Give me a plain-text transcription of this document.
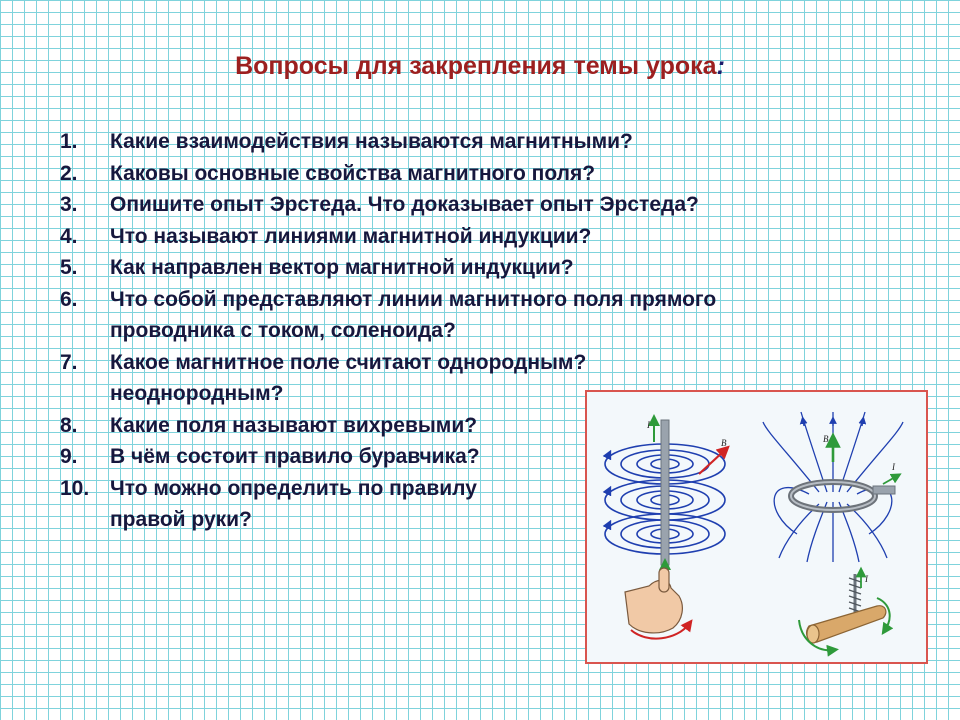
Вопросы для закрепления темы урока:
1. Какие взаимодействия называются магнитными?
2. Каковы основные свойства магнитного поля?
3. Опишите опыт Эрстеда. Что доказывает опыт Эрстеда?
4. Что называют линиями магнитной индукции?
5. Как направлен вектор магнитной индукции?
6. Что собой представляют линии магнитного поля прямого
проводника с током, соленоида?
7. Какое магнитное поле считают однородным?
неоднородным?
8. Какие поля называют вихревыми?
9. В чём состоит правило буравчика?
10. Что можно определить по правилу
правой руки?
I
B
I
B
I
